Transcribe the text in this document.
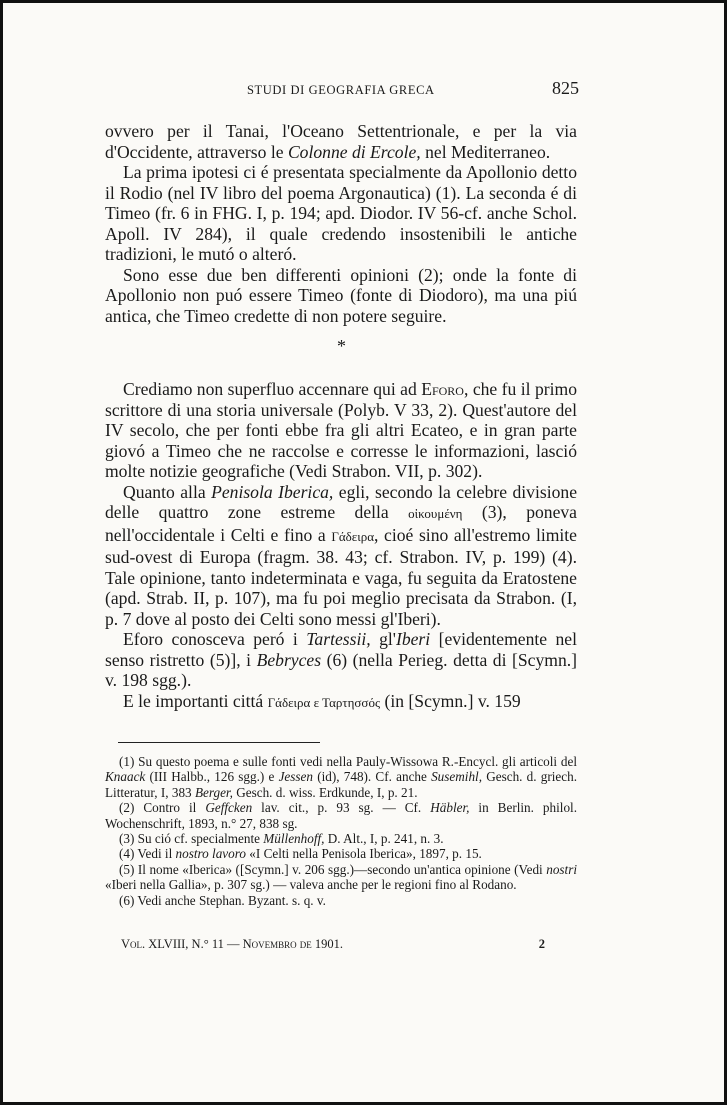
STUDI DI GEOGRAFIA GRECA	825

ovvero per il Tanai, l'Oceano Settentrionale, e per la via d'Occidente, attraverso le Colonne di Ercole, nel Mediterraneo.

La prima ipotesi ci é presentata specialmente da Apollonio detto il Rodio (nel IV libro del poema Argonautica) (1). La seconda é di Timeo (fr. 6 in FHG. I, p. 194; apd. Diodor. IV 56-cf. anche Schol. Apoll. IV 284), il quale credendo insostenibili le antiche tradizioni, le mutó o alteró.

Sono esse due ben differenti opinioni (2); onde la fonte di Apollonio non puó essere Timeo (fonte di Diodoro), ma una piú antica, che Timeo credette di non potere seguire.

*

Crediamo non superfluo accennare qui ad Eforo, che fu il primo scrittore di una storia universale (Polyb. V 33, 2). Quest'autore del IV secolo, che per fonti ebbe fra gli altri Ecateo, e in gran parte giovó a Timeo che ne raccolse e corresse le informazioni, lasció molte notizie geografiche (Vedi Strabon. VII, p. 302).

Quanto alla Penisola Iberica, egli, secondo la celebre divisione delle quattro zone estreme della οἰκουμένη (3), poneva nell'occidentale i Celti e fino a Γάδειρα, cioé sino all'estremo limite sud-ovest di Europa (fragm. 38. 43; cf. Strabon. IV, p. 199) (4). Tale opinione, tanto indeterminata e vaga, fu seguita da Eratostene (apd. Strab. II, p. 107), ma fu poi meglio precisata da Strabon. (I, p. 7 dove al posto dei Celti sono messi gl'Iberi).

Eforo conosceva peró i Tartessii, gl'Iberi [evidentemente nel senso ristretto (5)], i Bebryces (6) (nella Perieg. detta di [Scymn.] v. 198 sgg.).

E le importanti cittá Γάδειρα ε Ταρτησσός (in [Scymn.] v. 159

(1) Su questo poema e sulle fonti vedi nella Pauly-Wissowa R.-Encycl. gli articoli del Knaack (III Halbb., 126 sgg.) e Jessen (id), 748). Cf. anche Susemihl, Gesch. d. griech. Litteratur, I, 383 Berger, Gesch. d. wiss. Erdkunde, I, p. 21.

(2) Contro il Geffcken lav. cit., p. 93 sg. — Cf. Häbler, in Berlin. philol. Wochenschrift, 1893, n.° 27, 838 sg.

(3) Su ció cf. specialmente Müllenhoff, D. Alt., I, p. 241, n. 3.

(4) Vedi il nostro lavoro «I Celti nella Penisola Iberica», 1897, p. 15.

(5) Il nome «Iberica» ([Scymn.] v. 206 sgg.)—secondo un'antica opinione (Vedi nostri «Iberi nella Gallia», p. 307 sg.) — valeva anche per le regioni fino al Rodano.

(6) Vedi anche Stephan. Byzant. s. q. v.

Vol. XLVIII, N.° 11 — Novembro de 1901.	2
